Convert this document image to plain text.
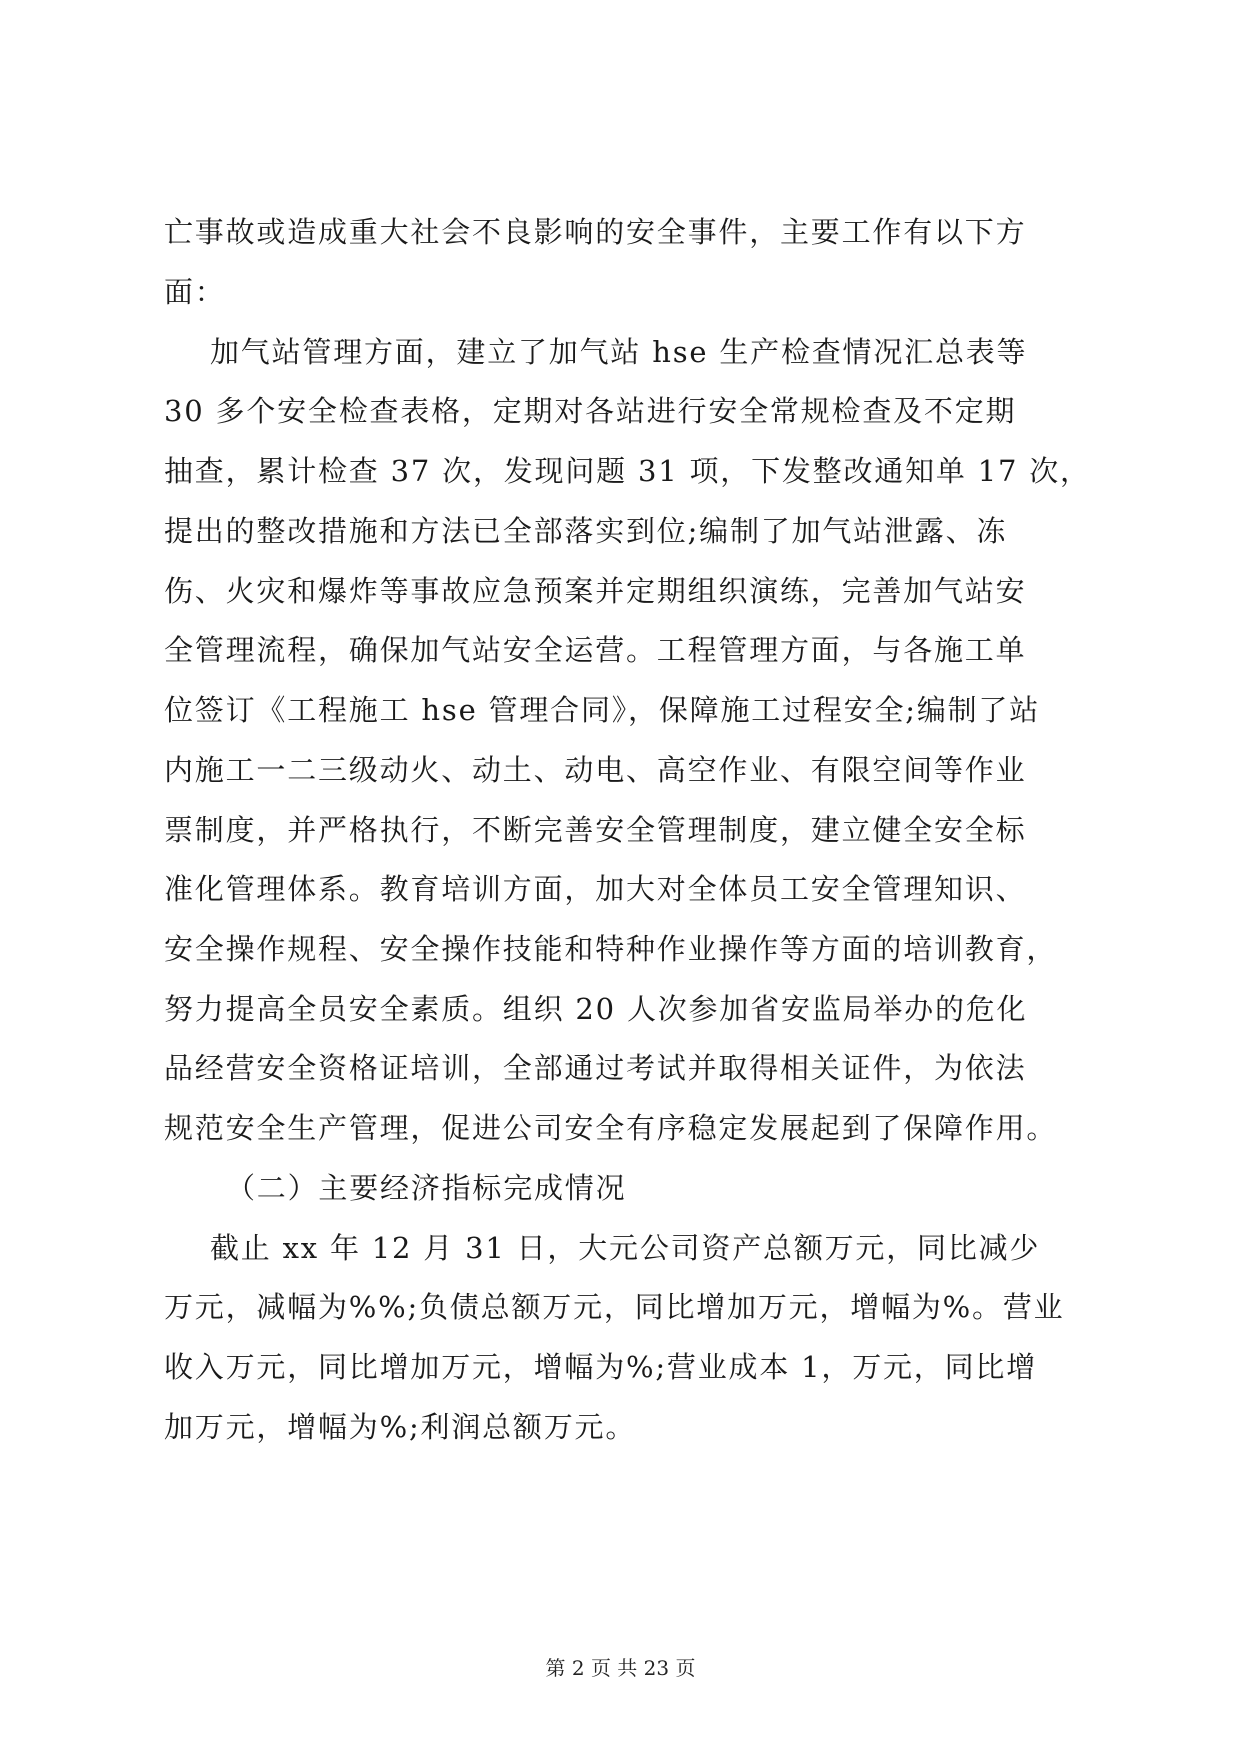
亡事故或造成重大社会不良影响的安全事件，主要工作有以下方
面：
加气站管理方面，建立了加气站 hse 生产检查情况汇总表等
30 多个安全检查表格，定期对各站进行安全常规检查及不定期
抽查，累计检查 37 次，发现问题 31 项，下发整改通知单 17 次，
提出的整改措施和方法已全部落实到位;编制了加气站泄露、冻
伤、火灾和爆炸等事故应急预案并定期组织演练，完善加气站安
全管理流程，确保加气站安全运营。工程管理方面，与各施工单
位签订《工程施工 hse 管理合同》，保障施工过程安全;编制了站
内施工一二三级动火、动土、动电、高空作业、有限空间等作业
票制度，并严格执行，不断完善安全管理制度，建立健全安全标
准化管理体系。教育培训方面，加大对全体员工安全管理知识、
安全操作规程、安全操作技能和特种作业操作等方面的培训教育，
努力提高全员安全素质。组织 20 人次参加省安监局举办的危化
品经营安全资格证培训，全部通过考试并取得相关证件，为依法
规范安全生产管理，促进公司安全有序稳定发展起到了保障作用。
（二）主要经济指标完成情况
截止 xx 年 12 月 31 日，大元公司资产总额万元，同比减少
万元，减幅为%%;负债总额万元，同比增加万元，增幅为%。营业
收入万元，同比增加万元，增幅为%;营业成本 1，万元，同比增
加万元，增幅为%;利润总额万元。
第 2 页 共 23 页
